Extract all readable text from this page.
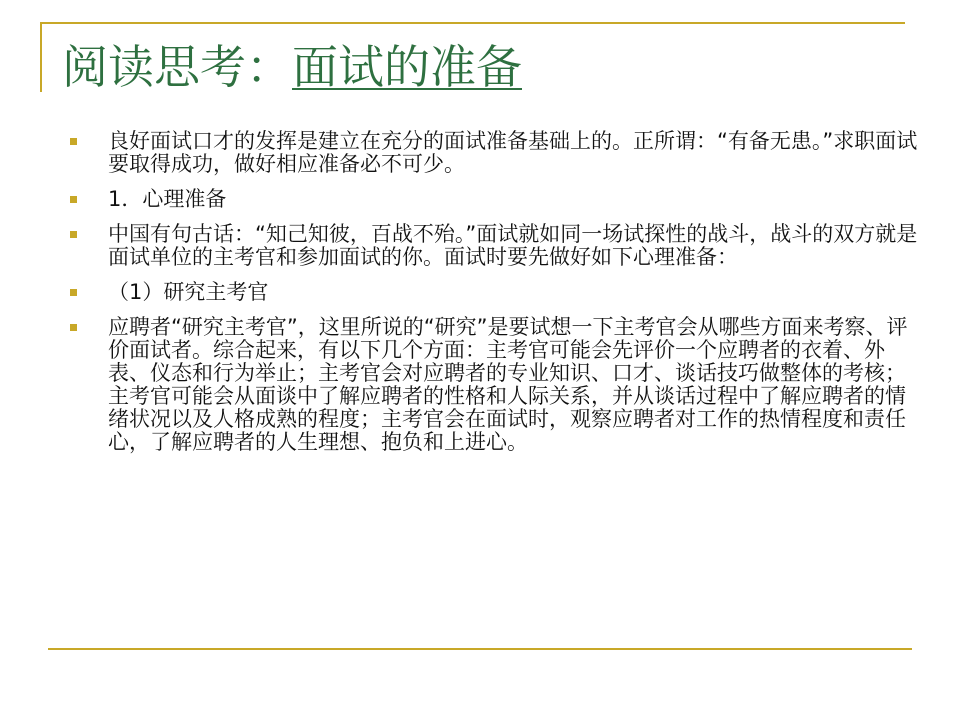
阅读思考：面试的准备
良好面试口才的发挥是建立在充分的面试准备基础上的。正所谓：“有备无患。”求职面试要取得成功，做好相应准备必不可少。
1．心理准备
中国有句古话：“知己知彼，百战不殆。”面试就如同一场试探性的战斗，战斗的双方就是面试单位的主考官和参加面试的你。面试时要先做好如下心理准备：
（1）研究主考官
应聘者“研究主考官”，这里所说的“研究”是要试想一下主考官会从哪些方面来考察、评价面试者。综合起来，有以下几个方面：主考官可能会先评价一个应聘者的衣着、外表、仪态和行为举止；主考官会对应聘者的专业知识、口才、谈话技巧做整体的考核；主考官可能会从面谈中了解应聘者的性格和人际关系，并从谈话过程中了解应聘者的情绪状况以及人格成熟的程度；主考官会在面试时，观察应聘者对工作的热情程度和责任心，了解应聘者的人生理想、抱负和上进心。
